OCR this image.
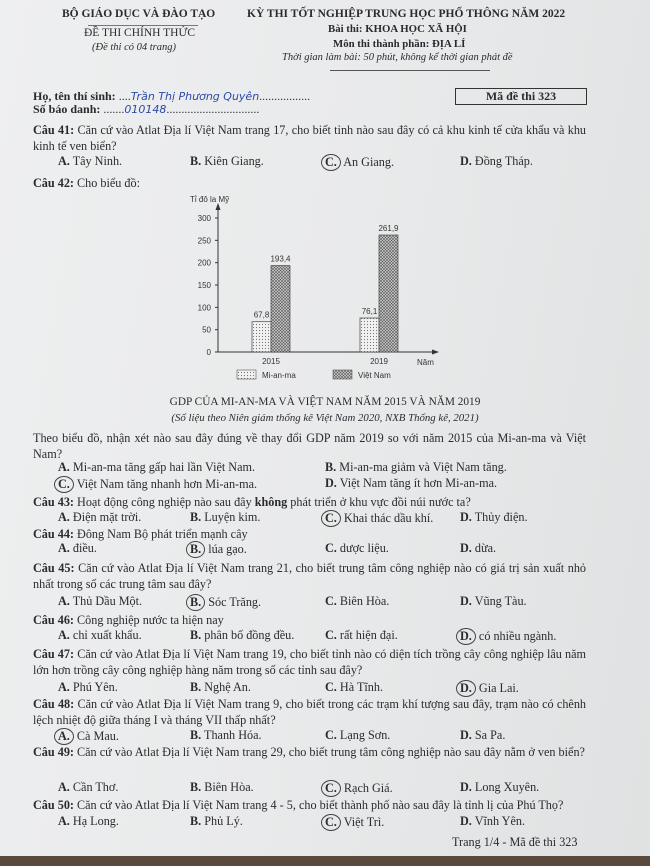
BỘ GIÁO DỤC VÀ ĐÀO TẠO
ĐỀ THI CHÍNH THỨC
(Đề thi có 04 trang)
KỲ THI TỐT NGHIỆP TRUNG HỌC PHỔ THÔNG NĂM 2022
Bài thi: KHOA HỌC XÃ HỘI
Môn thi thành phần: ĐỊA LÍ
Thời gian làm bài: 50 phút, không kể thời gian phát đề
Họ, tên thí sinh: ....Trần Thị Phương Quyên.................
Số báo danh: .......010148...............................
Mã đề thi 323
Tỉ đô la Mỹ
Năm
0
50
100
150
200
250
300
2015
67,8
193,4
2019
76,1
261,9
Mi-an-ma	Việt Nam
GDP CỦA MI-AN-MA VÀ VIỆT NAM NĂM 2015 VÀ NĂM 2019
(Số liệu theo Niên giám thống kê Việt Nam 2020, NXB Thống kê, 2021)
Câu 41: Căn cứ vào Atlat Địa lí Việt Nam trang 17, cho biết tỉnh nào sau đây có cả khu kinh tế cửa khẩu và khu kinh tế ven biển?
A. Tây Ninh.	B. Kiên Giang.	C. An Giang.	D. Đồng Tháp.
Câu 42: Cho biểu đồ:
Theo biểu đồ, nhận xét nào sau đây đúng về thay đổi GDP năm 2019 so với năm 2015 của Mi-an-ma và Việt Nam?
A. Mi-an-ma tăng gấp hai lần Việt Nam.	B. Mi-an-ma giảm và Việt Nam tăng.
C. Việt Nam tăng nhanh hơn Mi-an-ma.	D. Việt Nam tăng ít hơn Mi-an-ma.
Câu 43: Hoạt động công nghiệp nào sau đây không phát triển ở khu vực đồi núi nước ta?
A. Điện mặt trời.	B. Luyện kim.	C. Khai thác dầu khí. D. Thủy điện.
Câu 44: Đông Nam Bộ phát triển mạnh cây
A. điều.	B. lúa gạo.	C. dược liệu.	D. dừa.
Câu 45: Căn cứ vào Atlat Địa lí Việt Nam trang 21, cho biết trung tâm công nghiệp nào có giá trị sản xuất nhỏ nhất trong số các trung tâm sau đây?
A. Thủ Dầu Một.	B. Sóc Trăng.	C. Biên Hòa.	D. Vũng Tàu.
Câu 46: Công nghiệp nước ta hiện nay
A. chỉ xuất khẩu.	B. phân bố đồng đều.	C. rất hiện đại.	D. có nhiều ngành.
Câu 47: Căn cứ vào Atlat Địa lí Việt Nam trang 19, cho biết tỉnh nào có diện tích trồng cây công nghiệp lâu năm lớn hơn trồng cây công nghiệp hàng năm trong số các tỉnh sau đây?
A. Phú Yên.	B. Nghệ An.	C. Hà Tĩnh.	D. Gia Lai.
Câu 48: Căn cứ vào Atlat Địa lí Việt Nam trang 9, cho biết trong các trạm khí tượng sau đây, trạm nào có chênh lệch nhiệt độ giữa tháng I và tháng VII thấp nhất?
A. Cà Mau.	B. Thanh Hóa.	C. Lạng Sơn.	D. Sa Pa.
Câu 49: Căn cứ vào Atlat Địa lí Việt Nam trang 29, cho biết trung tâm công nghiệp nào sau đây nằm ở ven biển?
A. Cần Thơ.	B. Biên Hòa.	C. Rạch Giá.	D. Long Xuyên.
Câu 50: Căn cứ vào Atlat Địa lí Việt Nam trang 4 - 5, cho biết thành phố nào sau đây là tỉnh lị của Phú Thọ?
A. Hạ Long.	B. Phủ Lý.	C. Việt Trì.	D. Vĩnh Yên.
Trang 1/4 - Mã đề thi 323
